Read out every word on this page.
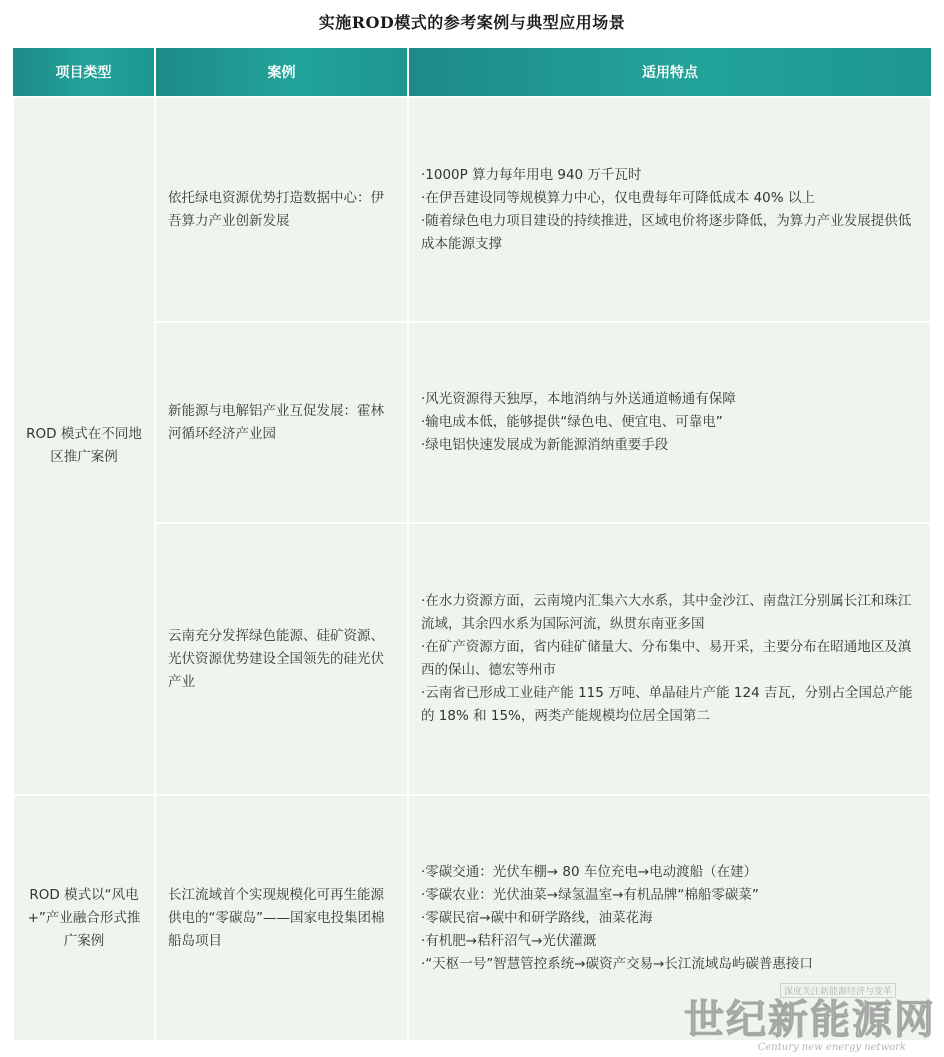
实施ROD模式的参考案例与典型应用场景
项目类型	案例	适用特点
ROD 模式在不同地区推广案例	依托绿电资源优势打造数据中心：伊吾算力产业创新发展	·1000P 算力每年用电 940 万千瓦时
·在伊吾建设同等规模算力中心，仅电费每年可降低成本 40% 以上
·随着绿色电力项目建设的持续推进，区域电价将逐步降低，为算力产业发展提供低成本能源支撑

	新能源与电解铝产业互促发展：霍林河循环经济产业园	·风光资源得天独厚，本地消纳与外送通道畅通有保障
·输电成本低，能够提供“绿色电、便宜电、可靠电”
·绿电铝快速发展成为新能源消纳重要手段

	云南充分发挥绿色能源、硅矿资源、光伏资源优势建设全国领先的硅光伏产业	·在水力资源方面，云南境内汇集六大水系，其中金沙江、南盘江分别属长江和珠江流域，其余四水系为国际河流，纵贯东南亚多国
·在矿产资源方面，省内硅矿储量大、分布集中、易开采，主要分布在昭通地区及滇西的保山、德宏等州市
·云南省已形成工业硅产能 115 万吨、单晶硅片产能 124 吉瓦，分别占全国总产能的 18% 和 15%，两类产能规模均位居全国第二

ROD 模式以“风电 +”产业融合形式推广案例	长江流域首个实现规模化可再生能源供电的“零碳岛”——国家电投集团棉船岛项目	·零碳交通：光伏车棚→ 80 车位充电→电动渡船（在建）
·零碳农业：光伏油菜→绿氢温室→有机品牌“棉船零碳菜”
·零碳民宿→碳中和研学路线，油菜花海
·有机肥→秸秆沼气→光伏灌溉
·“天枢一号”智慧管控系统→碳资产交易→长江流域岛屿碳普惠接口
深度关注新能源经济与变革
世纪新能源网
Century new energy network
